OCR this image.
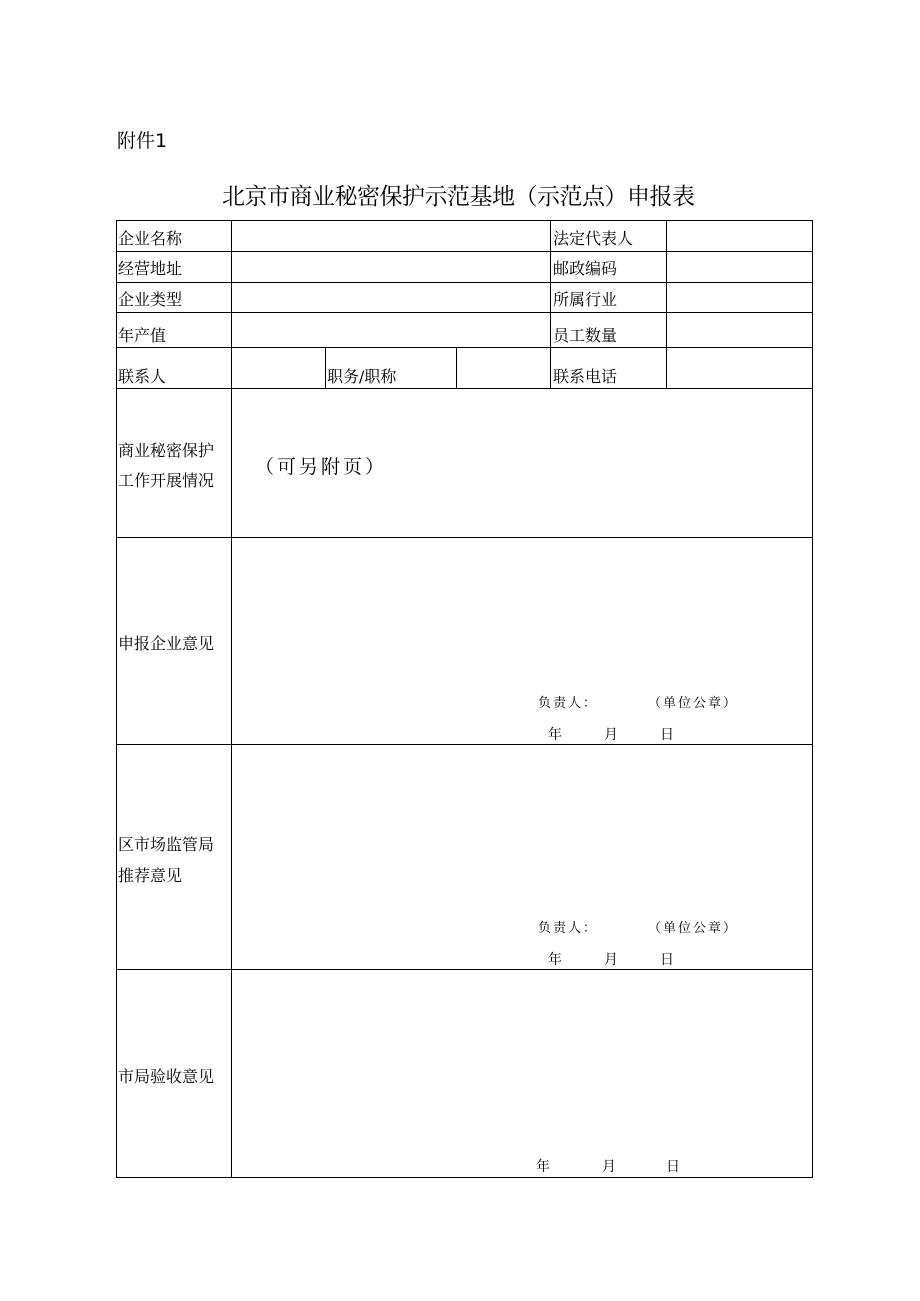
附件1
北京市商业秘密保护示范基地（示范点）申报表
企业名称	法定代表人
经营地址	邮政编码
企业类型	所属行业
年产值	员工数量
联系人	职务/职称	联系电话
商业秘密保护
工作开展情况
（可另附页）
申报企业意见
负责人：	（单位公章）
年	月	日
区市场监管局
推荐意见
负责人：	（单位公章）
年	月	日
市局验收意见
年	月	日
